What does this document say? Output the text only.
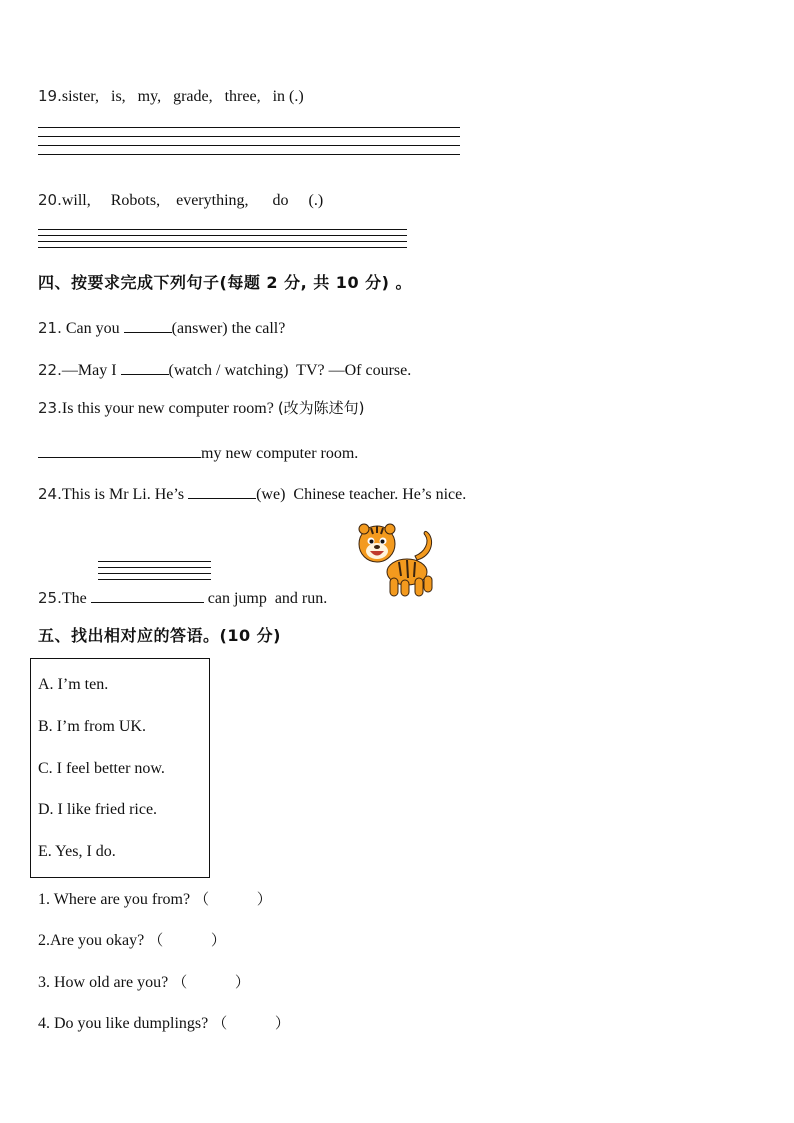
19.sister,   is,   my,   grade,   three,   in (.)
20.will,     Robots,    everything,      do     (.)
四、按要求完成下列句子(每题 2 分, 共 10 分) 。
21. Can you	(answer) the call?
22.—May I	(watch / watching)  TV? —Of course.
23.Is this your new computer room? (改为陈述句)
my new computer room.
24.This is Mr Li. He’s	(we)  Chinese teacher. He’s nice.
25.The	can jump  and run.
五、找出相对应的答语。(10 分)
A. I’m ten.
B. I’m from UK.
C. I feel better now.
D. I like fried rice.
E. Yes, I do.
1. Where are you from? （          ）
2.Are you okay? （          ）
3. How old are you? （          ）
4. Do you like dumplings? （          ）
